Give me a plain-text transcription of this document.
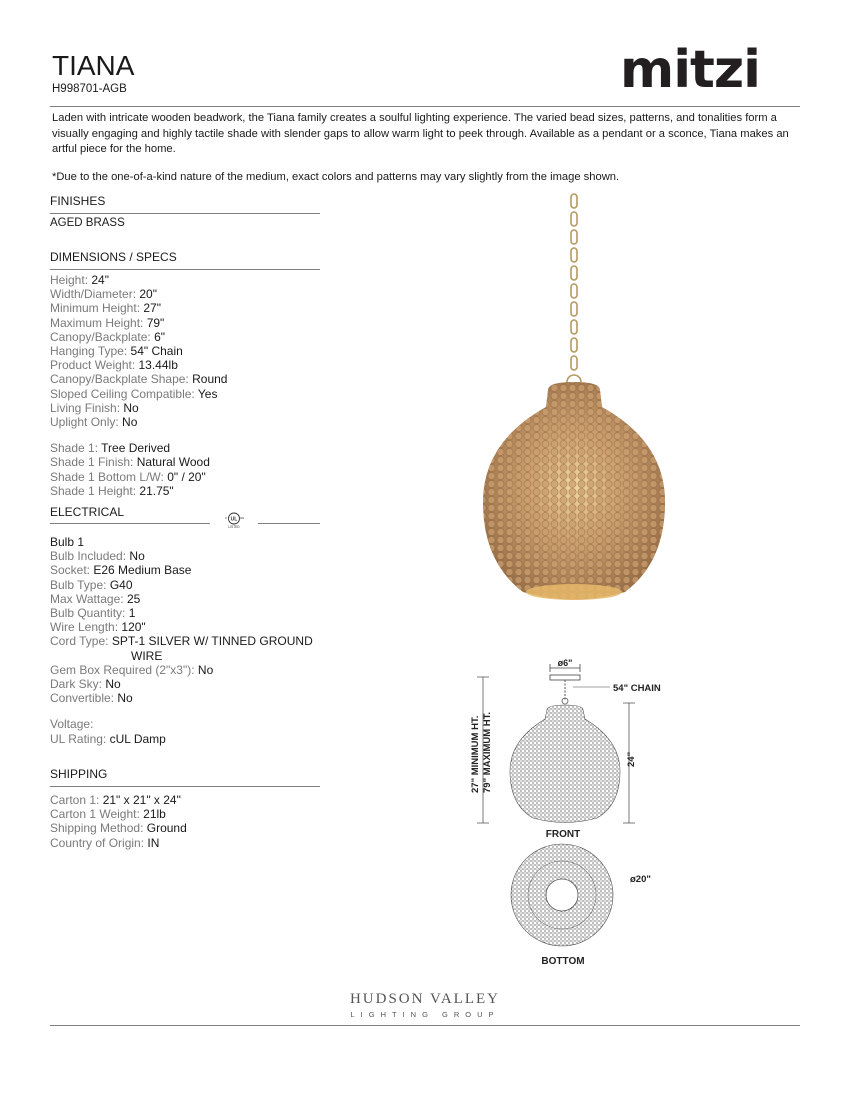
TIANA
H998701-AGB	mitzi
Laden with intricate wooden beadwork, the Tiana family creates a soulful lighting experience. The varied bead sizes, patterns, and tonalities form a visually engaging and highly tactile shade with slender gaps to allow warm light to peek through. Available as a pendant or a sconce, Tiana makes an artful piece for the home.
*Due to the one-of-a-kind nature of the medium, exact colors and patterns may vary slightly from the image shown.
FINISHES
AGED BRASS
DIMENSIONS / SPECS
Height: 24"
Width/Diameter: 20"
Minimum Height: 27"
Maximum Height: 79"
Canopy/Backplate: 6"
Hanging Type: 54" Chain
Product Weight: 13.44lb
Canopy/Backplate Shape: Round
Sloped Ceiling Compatible: Yes
Living Finish: No
Uplight Only: No
Shade 1: Tree Derived
Shade 1 Finish: Natural Wood
Shade 1 Bottom L/W: 0" / 20"
Shade 1 Height: 21.75"
ELECTRICAL
UL
c	us
LISTED
Bulb 1
Bulb Included: No
Socket: E26 Medium Base
Bulb Type: G40
Max Wattage: 25
Bulb Quantity: 1
Wire Length: 120"
Cord Type: SPT-1 SILVER W/ TINNED GROUND WIRE
Gem Box Required (2"x3"): No
Dark Sky: No
Convertible: No
Voltage:
UL Rating: cUL Damp
SHIPPING
Carton 1: 21" x 21" x 24"
Carton 1 Weight: 21lb
Shipping Method: Ground
Country of Origin: IN
ø6"
54" CHAIN
27" MINIMUM HT. 79" MAXIMUM HT.	24"
FRONT
ø20"
BOTTOM
HUDSON VALLEY
LIGHTING GROUP
